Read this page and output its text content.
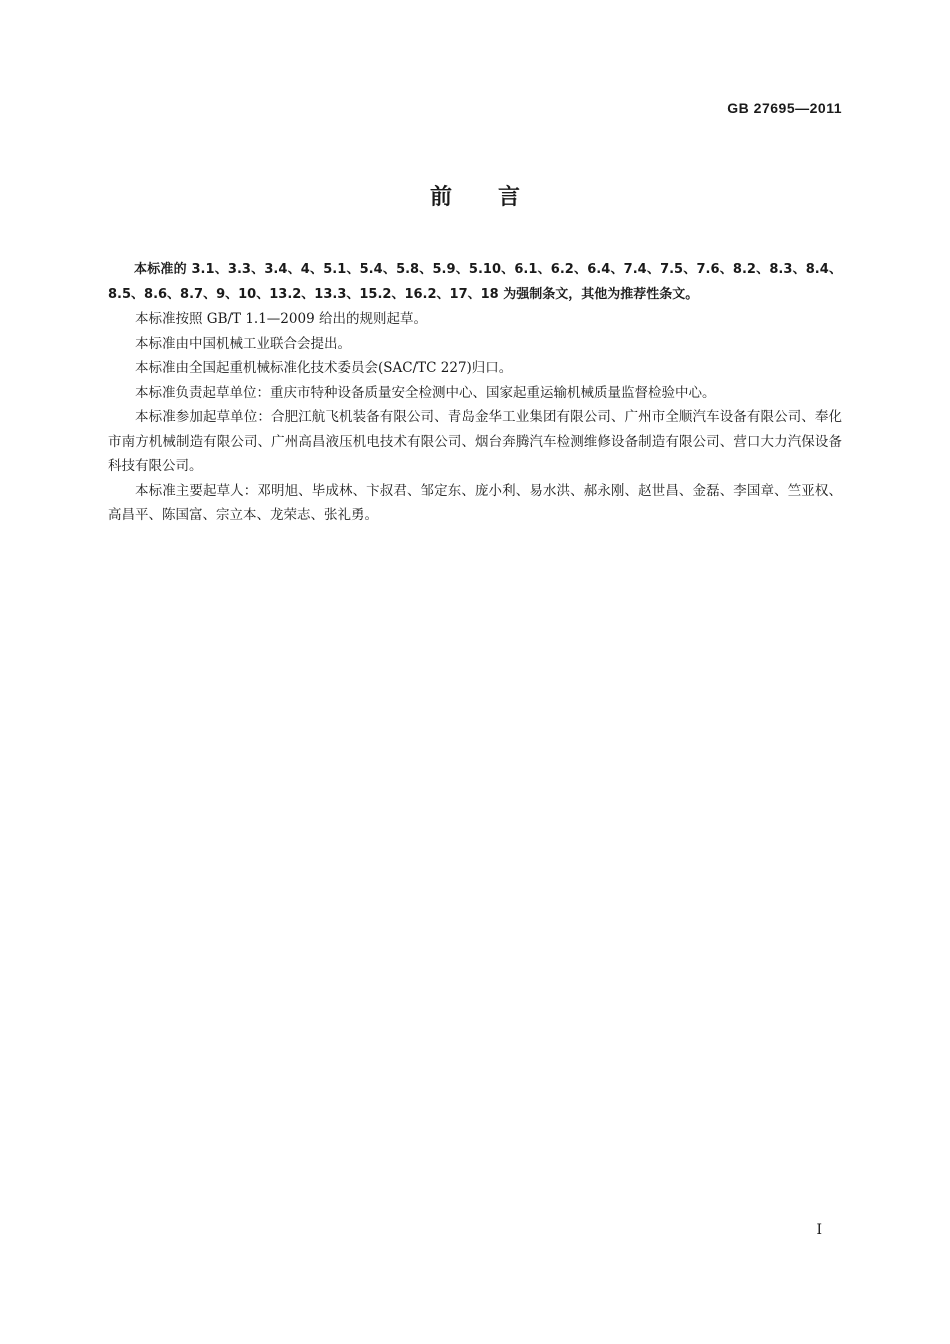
GB 27695—2011
前 言

本标准的 3.1、3.3、3.4、4、5.1、5.4、5.8、5.9、5.10、6.1、6.2、6.4、7.4、7.5、7.6、8.2、8.3、8.4、8.5、8.6、8.7、9、10、13.2、13.3、15.2、16.2、17、18 为强制条文，其他为推荐性条文。

本标准按照 GB/T 1.1—2009 给出的规则起草。

本标准由中国机械工业联合会提出。

本标准由全国起重机械标准化技术委员会(SAC/TC 227)归口。

本标准负责起草单位：重庆市特种设备质量安全检测中心、国家起重运输机械质量监督检验中心。

本标准参加起草单位：合肥江航飞机装备有限公司、青岛金华工业集团有限公司、广州市全顺汽车设备有限公司、奉化市南方机械制造有限公司、广州高昌液压机电技术有限公司、烟台奔腾汽车检测维修设备制造有限公司、营口大力汽保设备科技有限公司。

本标准主要起草人：邓明旭、毕成林、卞叔君、邹定东、庞小利、易水洪、郝永刚、赵世昌、金磊、李国章、竺亚权、高昌平、陈国富、宗立本、龙荣志、张礼勇。

I
